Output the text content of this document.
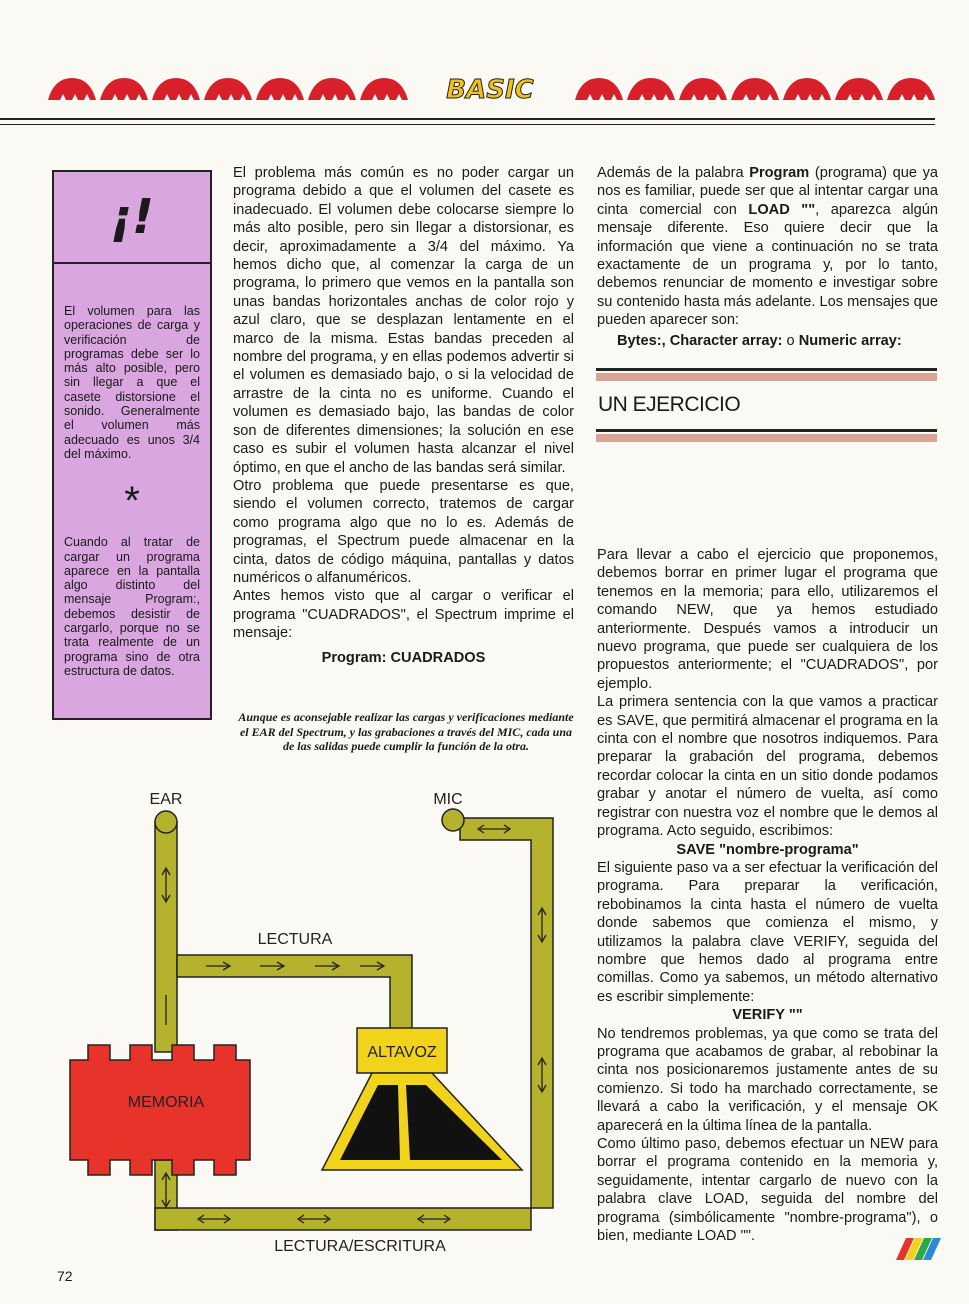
BASIC
¡!
El volumen para las operaciones de carga y verificación de programas debe ser lo más alto posible, pero sin llegar a que el casete distorsione el sonido. Generalmente el volumen más adecuado es unos 3/4 del máximo.
*
Cuando al tratar de cargar un programa aparece en la pantalla algo distinto del mensaje Program:, debemos desistir de cargarlo, porque no se trata realmente de un programa sino de otra estructura de datos.
El problema más común es no poder cargar un programa debido a que el volumen del casete es inadecuado. El volumen debe colocarse siempre lo más alto posible, pero sin llegar a distorsionar, es decir, aproximadamente a 3/4 del máximo. Ya hemos dicho que, al comenzar la carga de un programa, lo primero que vemos en la pantalla son unas bandas horizontales anchas de color rojo y azul claro, que se desplazan lentamente en el marco de la misma. Estas bandas preceden al nombre del programa, y en ellas podemos advertir si el volumen es demasiado bajo, o si la velocidad de arrastre de la cinta no es uniforme. Cuando el volumen es demasiado bajo, las bandas de color son de diferentes dimensiones; la solución en ese caso es subir el volumen hasta alcanzar el nivel óptimo, en que el ancho de las bandas será similar.
Otro problema que puede presentarse es que, siendo el volumen correcto, tratemos de cargar como programa algo que no lo es. Además de programas, el Spectrum puede almacenar en la cinta, datos de código máquina, pantallas y datos numéricos o alfanuméricos.
Antes hemos visto que al cargar o verificar el programa "CUADRADOS", el Spectrum imprime el mensaje:
Program: CUADRADOS
Aunque es aconsejable realizar las cargas y verificaciones mediante el EAR del Spectrum, y las grabaciones a través del MIC, cada una de las salidas puede cumplir la función de la otra.
EAR	MIC
LECTURA
ALTAVOZ
MEMORIA
LECTURA/ESCRITURA
Además de la palabra Program (programa) que ya nos es familiar, puede ser que al intentar cargar una cinta comercial con LOAD "", aparezca algún mensaje diferente. Eso quiere decir que la información que viene a continuación no se trata exactamente de un programa y, por lo tanto, debemos renunciar de momento e investigar sobre su contenido hasta más adelante. Los mensajes que pueden aparecer son:
Bytes:, Character array: o Numeric array:
UN EJERCICIO
Para llevar a cabo el ejercicio que proponemos, debemos borrar en primer lugar el programa que tenemos en la memoria; para ello, utilizaremos el comando NEW, que ya hemos estudiado anteriormente. Después vamos a introducir un nuevo programa, que puede ser cualquiera de los propuestos anteriormente; el "CUADRADOS", por ejemplo.
La primera sentencia con la que vamos a practicar es SAVE, que permitirá almacenar el programa en la cinta con el nombre que nosotros indiquemos. Para preparar la grabación del programa, debemos recordar colocar la cinta en un sitio donde podamos grabar y anotar el número de vuelta, así como registrar con nuestra voz el nombre que le demos al programa. Acto seguido, escribimos:
SAVE "nombre-programa"
El siguiente paso va a ser efectuar la verificación del programa. Para preparar la verificación, rebobinamos la cinta hasta el número de vuelta donde sabemos que comienza el mismo, y utilizamos la palabra clave VERIFY, seguida del nombre que hemos dado al programa entre comillas. Como ya sabemos, un método alternativo es escribir simplemente:
VERIFY ""
No tendremos problemas, ya que como se trata del programa que acabamos de grabar, al rebobinar la cinta nos posicionaremos justamente antes de su comienzo. Si todo ha marchado correctamente, se llevará a cabo la verificación, y el mensaje OK aparecerá en la última línea de la pantalla.
Como último paso, debemos efectuar un NEW para borrar el programa contenido en la memoria y, seguidamente, intentar cargarlo de nuevo con la palabra clave LOAD, seguida del nombre del programa (simbólicamente "nombre-programa"), o bien, mediante LOAD "".
72
